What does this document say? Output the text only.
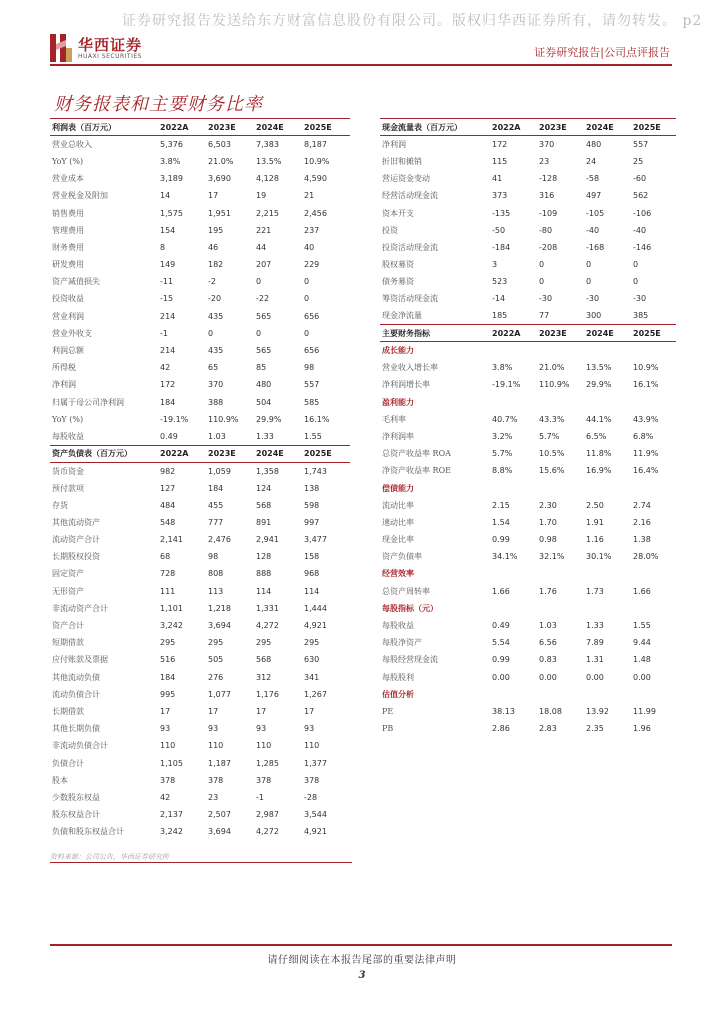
证券研究报告发送给东方财富信息股份有限公司。版权归华西证券所有，请勿转发。 p2
华西证券
HUAXI SECURITIES	证券研究报告|公司点评报告
财务报表和主要财务比率
利润表（百万元）	2022A	2023E	2024E	2025E
营业总收入	5,376	6,503	7,383	8,187
YoY (%)	3.8%	21.0%	13.5%	10.9%
营业成本	3,189	3,690	4,128	4,590
营业税金及附加	14	17	19	21
销售费用	1,575	1,951	2,215	2,456
管理费用	154	195	221	237
财务费用	8	46	44	40
研发费用	149	182	207	229
资产减值损失	-11	-2	0	0
投资收益	-15	-20	-22	0
营业利润	214	435	565	656
营业外收支	-1	0	0	0
利润总额	214	435	565	656
所得税	42	65	85	98
净利润	172	370	480	557
归属于母公司净利润	184	388	504	585
YoY (%)	-19.1%	110.9%	29.9%	16.1%
每股收益	0.49	1.03	1.33	1.55
资产负债表（百万元）	2022A	2023E	2024E	2025E
货币资金	982	1,059	1,358	1,743
预付款项	127	184	124	138
存货	484	455	568	598
其他流动资产	548	777	891	997
流动资产合计	2,141	2,476	2,941	3,477
长期股权投资	68	98	128	158
固定资产	728	808	888	968
无形资产	111	113	114	114
非流动资产合计	1,101	1,218	1,331	1,444
资产合计	3,242	3,694	4,272	4,921
短期借款	295	295	295	295
应付账款及票据	516	505	568	630
其他流动负债	184	276	312	341
流动负债合计	995	1,077	1,176	1,267
长期借款	17	17	17	17
其他长期负债	93	93	93	93
非流动负债合计	110	110	110	110
负债合计	1,105	1,187	1,285	1,377
股本	378	378	378	378
少数股东权益	42	23	-1	-28
股东权益合计	2,137	2,507	2,987	3,544
负债和股东权益合计	3,242	3,694	4,272	4,921
现金流量表（百万元）	2022A	2023E	2024E	2025E
净利润	172	370	480	557
折旧和摊销	115	23	24	25
营运资金变动	41	-128	-58	-60
经营活动现金流	373	316	497	562
资本开支	-135	-109	-105	-106
投资	-50	-80	-40	-40
投资活动现金流	-184	-208	-168	-146
股权募资	3	0	0	0
债务募资	523	0	0	0
筹资活动现金流	-14	-30	-30	-30
现金净流量	185	77	300	385
主要财务指标	2022A	2023E	2024E	2025E
成长能力				
营业收入增长率	3.8%	21.0%	13.5%	10.9%
净利润增长率	-19.1%	110.9%	29.9%	16.1%
盈利能力				
毛利率	40.7%	43.3%	44.1%	43.9%
净利润率	3.2%	5.7%	6.5%	6.8%
总资产收益率 ROA	5.7%	10.5%	11.8%	11.9%
净资产收益率 ROE	8.8%	15.6%	16.9%	16.4%
偿债能力				
流动比率	2.15	2.30	2.50	2.74
速动比率	1.54	1.70	1.91	2.16
现金比率	0.99	0.98	1.16	1.38
资产负债率	34.1%	32.1%	30.1%	28.0%
经营效率				
总资产周转率	1.66	1.76	1.73	1.66
每股指标（元）				
每股收益	0.49	1.03	1.33	1.55
每股净资产	5.54	6.56	7.89	9.44
每股经营现金流	0.99	0.83	1.31	1.48
每股股利	0.00	0.00	0.00	0.00
估值分析				
PE	38.13	18.08	13.92	11.99
PB	2.86	2.83	2.35	1.96
资料来源：公司公告，华西证券研究所
请仔细阅读在本报告尾部的重要法律声明
3
